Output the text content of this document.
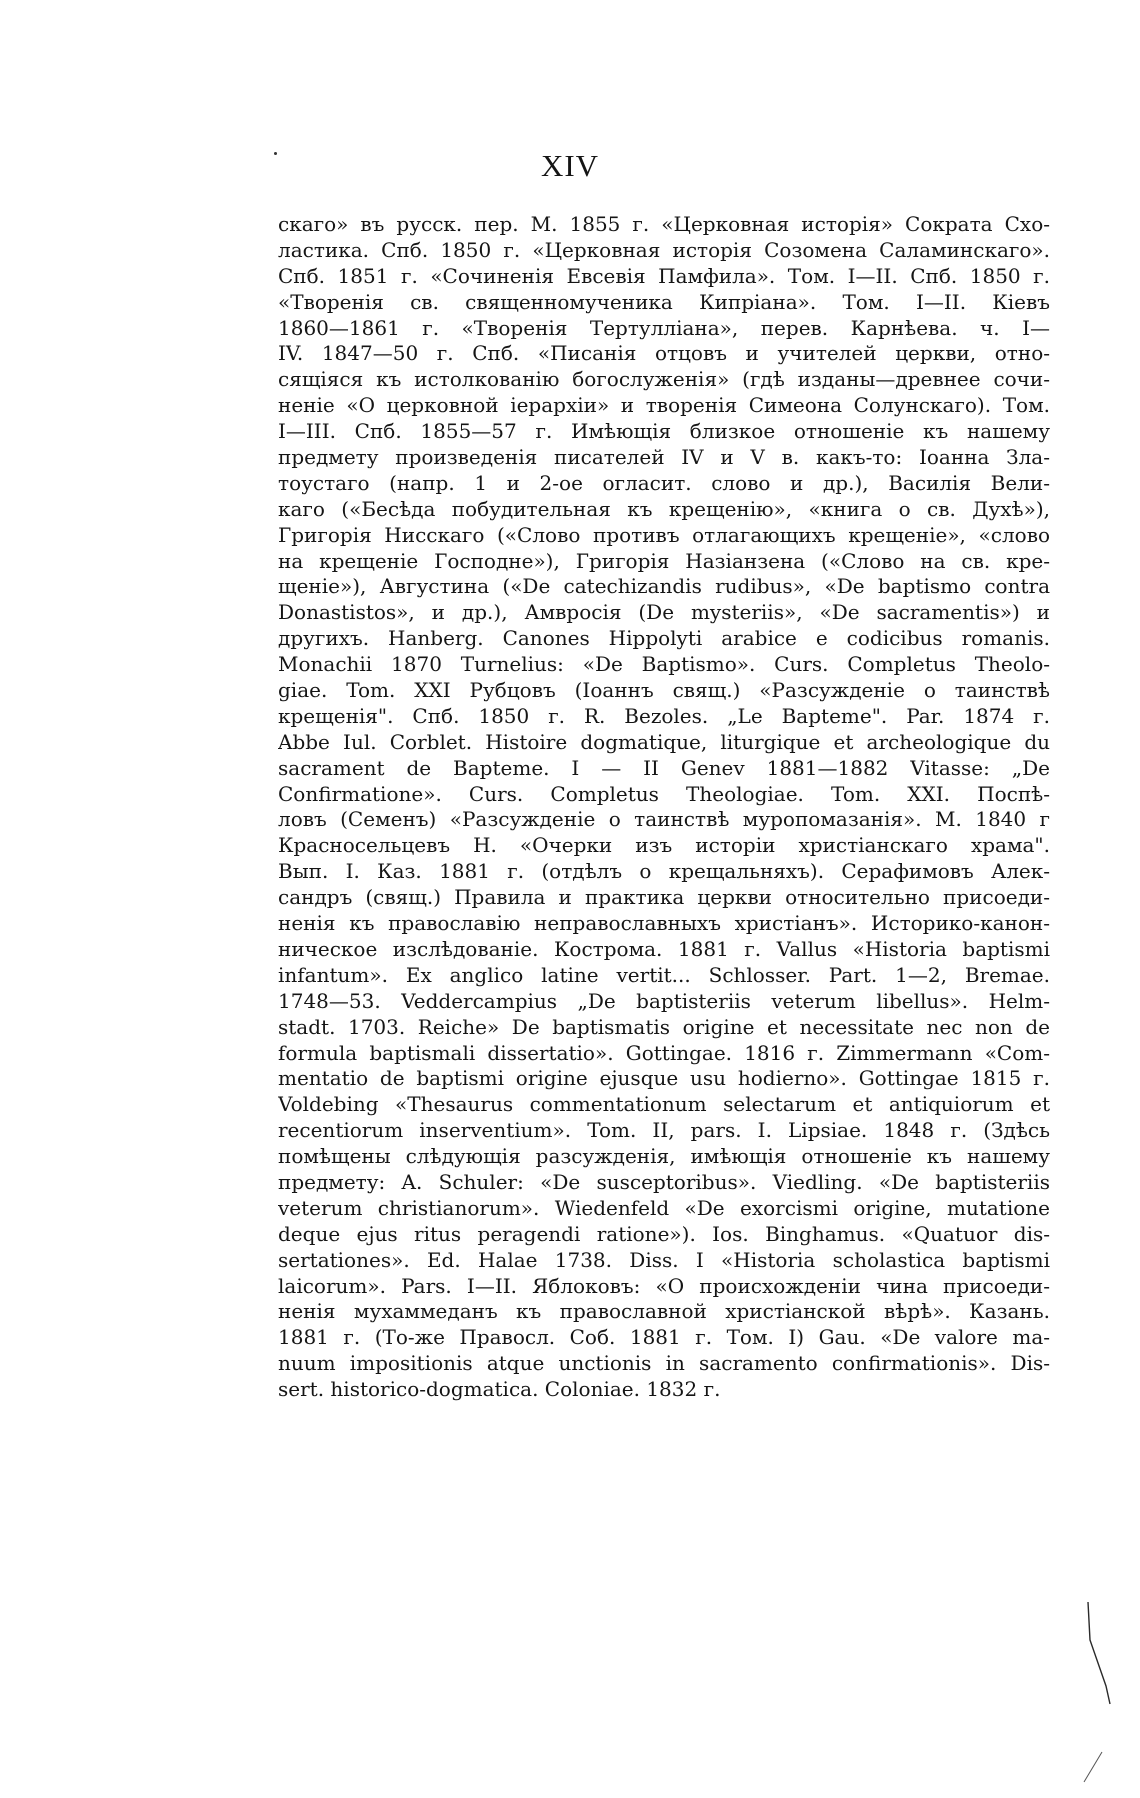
XIV
скаго» въ русск. пер. М. 1855 г. «Церковная исторія» Сократа Схо-
ластика. Спб. 1850 г. «Церковная исторія Созомена Саламинскаго».
Спб. 1851 г. «Сочиненія Евсевія Памфила». Том. I—II. Спб. 1850 г.
«Творенія св. священномученика Кипріана». Том. I—II. Кіевъ
1860—1861 г. «Творенія Тертулліана», перев. Карнѣева. ч. I—
IV. 1847—50 г. Спб. «Писанія отцовъ и учителей церкви, отно-
сящіяся къ истолкованію богослуженія» (гдѣ изданы—древнее сочи-
неніе «О церковной іерархіи» и творенія Симеона Солунскаго). Том.
I—III. Спб. 1855—57 г. Имѣющія близкое отношеніе къ нашему
предмету произведенія писателей IV и V в. какъ-то: Іоанна Зла-
тоустаго (напр. 1 и 2-ое огласит. слово и др.), Василія Вели-
каго («Бесѣда побудительная къ крещенію», «книга о св. Духѣ»),
Григорія Нисскаго («Слово противъ отлагающихъ крещеніе», «слово
на крещеніе Господне»), Григорія Назіанзена («Слово на св. кре-
щеніе»), Августина («De catechizandis rudibus», «De baptismo contra
Donastistos», и др.), Амвросія (De mysteriis», «De sacramentis») и
другихъ. Hanberg. Canones Hippolyti arabice e codicibus romanis.
Monachii 1870 Turnelius: «De Baptismo». Curs. Completus Theolo-
giae. Tom. XXI Рубцовъ (Іоаннъ свящ.) «Разсужденіе о таинствѣ
крещенія". Спб. 1850 г. R. Bezoles. „Le Bapteme". Par. 1874 г.
Abbe Iul. Corblet. Histoire dogmatique, liturgique et archeologique du
sacrament de Bapteme. I — II Genev 1881—1882 Vitasse: „De
Confirmatione». Curs. Completus Theologiae. Tom. XXI. Поспѣ-
ловъ (Семенъ) «Разсужденіе о таинствѣ муропомазанія». М. 1840 г
Красносельцевъ Н. «Очерки изъ исторіи христіанскаго храма".
Вып. I. Каз. 1881 г. (отдѣлъ о крещальняхъ). Серафимовъ Алек-
сандръ (свящ.) Правила и практика церкви относительно присоеди-
ненія къ православію неправославныхъ христіанъ». Историко-канон-
ническое изслѣдованіе. Кострома. 1881 г. Vallus «Historia baptismi
infantum». Ex anglico latine vertit... Schlosser. Part. 1—2, Bremae.
1748—53. Veddercampius „De baptisteriis veterum libellus». Helm-
stadt. 1703. Reiche» De baptismatis origine et necessitate nec non de
formula baptismali dissertatio». Gottingae. 1816 г. Zimmermann «Com-
mentatio de baptismi origine ejusque usu hodierno». Gottingae 1815 г.
Voldebing «Thesaurus commentationum selectarum et antiquiorum et
recentiorum inserventium». Tom. II, pars. I. Lipsiae. 1848 г. (Здѣсь
помѣщены слѣдующія разсужденія, имѣющія отношеніе къ нашему
предмету: A. Schuler: «De susceptoribus». Viedling. «De baptisteriis
veterum christianorum». Wiedenfeld «De exorcismi origine, mutatione
deque ejus ritus peragendi ratione»). Ios. Binghamus. «Quatuor dis-
sertationes». Ed. Halae 1738. Diss. I «Historia scholastica baptismi
laicorum». Pars. I—II. Яблоковъ: «О происхожденіи чина присоеди-
ненія мухаммеданъ къ православной христіанской вѣрѣ». Казань.
1881 г. (То-же Правосл. Соб. 1881 г. Том. I) Gau. «De valore ma-
nuum impositionis atque unctionis in sacramento confirmationis». Dis-
sert. historico-dogmatica. Coloniae. 1832 г.
